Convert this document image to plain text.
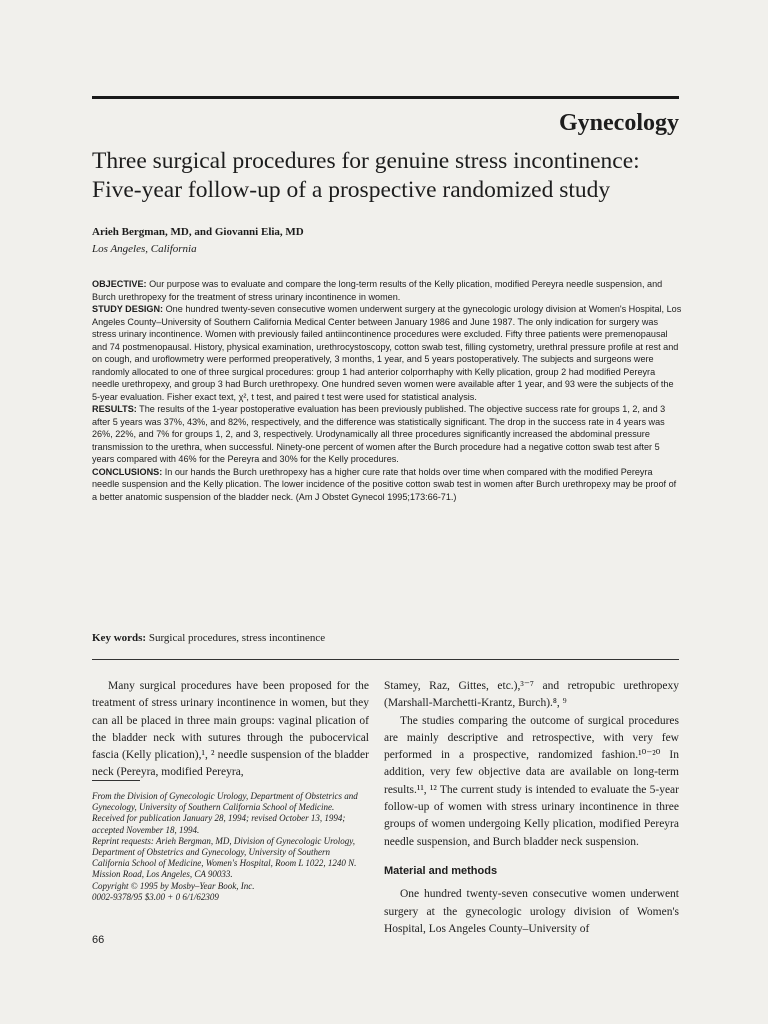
Gynecology
Three surgical procedures for genuine stress incontinence:
Five-year follow-up of a prospective randomized study
Arieh Bergman, MD, and Giovanni Elia, MD
Los Angeles, California

OBJECTIVE: Our purpose was to evaluate and compare the long-term results of the Kelly plication, modified Pereyra needle suspension, and Burch urethropexy for the treatment of stress urinary incontinence in women.

STUDY DESIGN: One hundred twenty-seven consecutive women underwent surgery at the gynecologic urology division at Women's Hospital, Los Angeles County–University of Southern California Medical Center between January 1986 and June 1987. The only indication for surgery was stress urinary incontinence. Women with previously failed antiincontinence procedures were excluded. Fifty three patients were premenopausal and 74 postmenopausal. History, physical examination, urethrocystoscopy, cotton swab test, filling cystometry, urethral pressure profile at rest and on cough, and uroflowmetry were performed preoperatively, 3 months, 1 year, and 5 years postoperatively. The subjects and surgeons were randomly allocated to one of three surgical procedures: group 1 had anterior colporrhaphy with Kelly plication, group 2 had modified Pereyra needle urethropexy, and group 3 had Burch urethropexy. One hundred seven women were available after 1 year, and 93 were the subjects of the 5-year evaluation. Fisher exact text, χ², t test, and paired t test were used for statistical analysis.

RESULTS: The results of the 1-year postoperative evaluation has been previously published. The objective success rate for groups 1, 2, and 3 after 5 years was 37%, 43%, and 82%, respectively, and the difference was statistically significant. The drop in the success rate in 4 years was 26%, 22%, and 7% for groups 1, 2, and 3, respectively. Urodynamically all three procedures significantly increased the abdominal pressure transmission to the urethra, when successful. Ninety-one percent of women after the Burch procedure had a negative cotton swab test after 5 years compared with 46% for the Pereyra and 30% for the Kelly procedures.

CONCLUSIONS: In our hands the Burch urethropexy has a higher cure rate that holds over time when compared with the modified Pereyra needle suspension and the Kelly plication. The lower incidence of the positive cotton swab test in women after Burch urethropexy may be proof of a better anatomic suspension of the bladder neck. (Am J Obstet Gynecol 1995;173:66-71.)

Key words: Surgical procedures, stress incontinence

Many surgical procedures have been proposed for the treatment of stress urinary incontinence in women, but they can all be placed in three main groups: vaginal plication of the bladder neck with sutures through the pubocervical fascia (Kelly plication),¹, ² needle suspension of the bladder neck (Pereyra, modified Pereyra,

From the Division of Gynecologic Urology, Department of Obstetrics and Gynecology, University of Southern California School of Medicine.

Received for publication January 28, 1994; revised October 13, 1994; accepted November 18, 1994.

Reprint requests: Arieh Bergman, MD, Division of Gynecologic Urology, Department of Obstetrics and Gynecology, University of Southern California School of Medicine, Women's Hospital, Room L 1022, 1240 N. Mission Road, Los Angeles, CA 90033.

Copyright © 1995 by Mosby–Year Book, Inc.

0002-9378/95 $3.00 + 0 6/1/62309

Stamey, Raz, Gittes, etc.),³⁻⁷ and retropubic urethropexy (Marshall-Marchetti-Krantz, Burch).⁸, ⁹

The studies comparing the outcome of surgical procedures are mainly descriptive and retrospective, with very few performed in a prospective, randomized fashion.¹⁰⁻²⁰ In addition, very few objective data are available on long-term results.¹¹, ¹² The current study is intended to evaluate the 5-year follow-up of women with stress urinary incontinence in three groups of women undergoing Kelly plication, modified Pereyra needle suspension, and Burch bladder neck suspension.

Material and methods

One hundred twenty-seven consecutive women underwent surgery at the gynecologic urology division of Women's Hospital, Los Angeles County–University of

66
